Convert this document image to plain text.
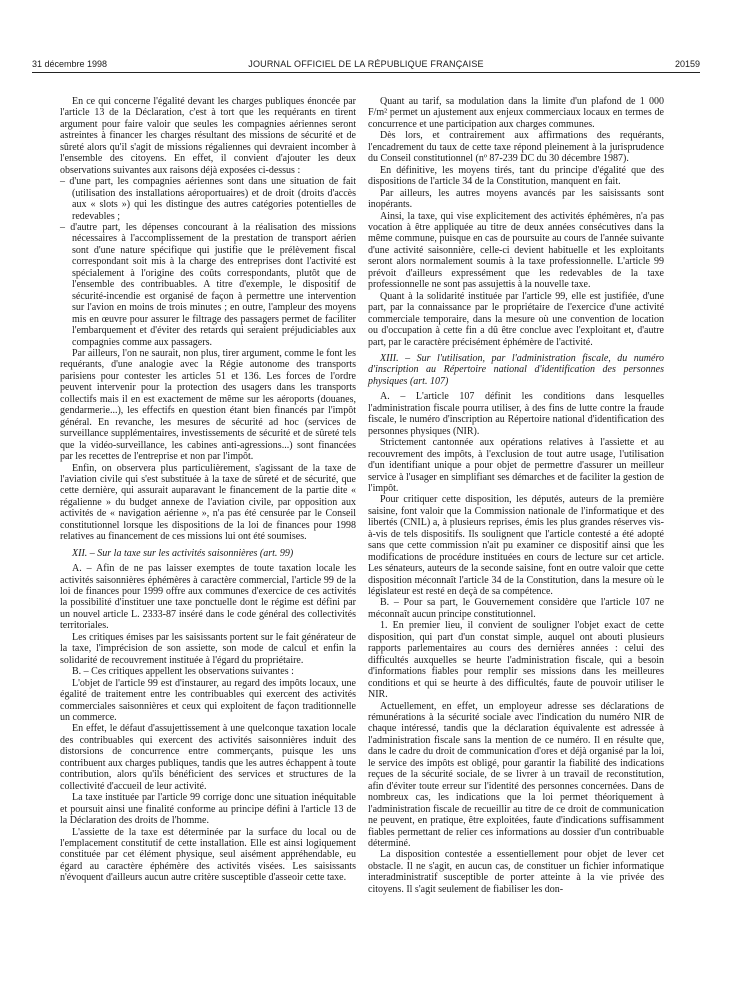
31 décembre 1998	JOURNAL OFFICIEL DE LA RÉPUBLIQUE FRANÇAISE	20159

En ce qui concerne l'égalité devant les charges publiques énoncée par l'article 13 de la Déclaration, c'est à tort que les requérants en tirent argument pour faire valoir que seules les compagnies aériennes seront astreintes à financer les charges résultant des missions de sécurité et de sûreté alors qu'il s'agit de missions régaliennes qui devraient incomber à l'ensemble des citoyens. En effet, il convient d'ajouter les deux observations suivantes aux raisons déjà exposées ci-dessus :

– d'une part, les compagnies aériennes sont dans une situation de fait (utilisation des installations aéroportuaires) et de droit (droits d'accès aux « slots ») qui les distingue des autres catégories potentielles de redevables ;

– d'autre part, les dépenses concourant à la réalisation des missions nécessaires à l'accomplissement de la prestation de transport aérien sont d'une nature spécifique qui justifie que le prélèvement fiscal correspondant soit mis à la charge des entreprises dont l'activité est spécialement à l'origine des coûts correspondants, plutôt que de l'ensemble des contribuables. A titre d'exemple, le dispositif de sécurité-incendie est organisé de façon à permettre une intervention sur l'avion en moins de trois minutes ; en outre, l'ampleur des moyens mis en œuvre pour assurer le filtrage des passagers permet de faciliter l'embarquement et d'éviter des retards qui seraient préjudiciables aux compagnies comme aux passagers.

Par ailleurs, l'on ne saurait, non plus, tirer argument, comme le font les requérants, d'une analogie avec la Régie autonome des transports parisiens pour contester les articles 51 et 136. Les forces de l'ordre peuvent intervenir pour la protection des usagers dans les transports collectifs mais il en est exactement de même sur les aéroports (douanes, gendarmerie...), les effectifs en question étant bien financés par l'impôt général. En revanche, les mesures de sécurité ad hoc (services de surveillance supplémentaires, investissements de sécurité et de sûreté tels que la vidéo-surveillance, les cabines anti-agressions...) sont financées par les recettes de l'entreprise et non par l'impôt.

Enfin, on observera plus particulièrement, s'agissant de la taxe de l'aviation civile qui s'est substituée à la taxe de sûreté et de sécurité, que cette dernière, qui assurait auparavant le financement de la partie dite « régalienne » du budget annexe de l'aviation civile, par opposition aux activités de « navigation aérienne », n'a pas été censurée par le Conseil constitutionnel lorsque les dispositions de la loi de finances pour 1998 relatives au financement de ces missions lui ont été soumises.

XII. – Sur la taxe sur les activités saisonnières (art. 99)

A. – Afin de ne pas laisser exemptes de toute taxation locale les activités saisonnières éphémères à caractère commercial, l'article 99 de la loi de finances pour 1999 offre aux communes d'exercice de ces activités la possibilité d'instituer une taxe ponctuelle dont le régime est défini par un nouvel article L. 2333-87 inséré dans le code général des collectivités territoriales.

Les critiques émises par les saisissants portent sur le fait générateur de la taxe, l'imprécision de son assiette, son mode de calcul et enfin la solidarité de recouvrement instituée à l'égard du propriétaire.

B. – Ces critiques appellent les observations suivantes :

L'objet de l'article 99 est d'instaurer, au regard des impôts locaux, une égalité de traitement entre les contribuables qui exercent des activités commerciales saisonnières et ceux qui exploitent de façon traditionnelle un commerce.

En effet, le défaut d'assujettissement à une quelconque taxation locale des contribuables qui exercent des activités saisonnières induit des distorsions de concurrence entre commerçants, puisque les uns contribuent aux charges publiques, tandis que les autres échappent à toute contribution, alors qu'ils bénéficient des services et structures de la collectivité d'accueil de leur activité.

La taxe instituée par l'article 99 corrige donc une situation inéquitable et poursuit ainsi une finalité conforme au principe défini à l'article 13 de la Déclaration des droits de l'homme.

L'assiette de la taxe est déterminée par la surface du local ou de l'emplacement constitutif de cette installation. Elle est ainsi logiquement constituée par cet élément physique, seul aisément appréhendable, eu égard au caractère éphémère des activités visées. Les saisissants n'évoquent d'ailleurs aucun autre critère susceptible d'asseoir cette taxe.

Quant au tarif, sa modulation dans la limite d'un plafond de 1 000 F/m² permet un ajustement aux enjeux commerciaux locaux en termes de concurrence et une participation aux charges communes.

Dès lors, et contrairement aux affirmations des requérants, l'encadrement du taux de cette taxe répond pleinement à la jurisprudence du Conseil constitutionnel (nº 87-239 DC du 30 décembre 1987).

En définitive, les moyens tirés, tant du principe d'égalité que des dispositions de l'article 34 de la Constitution, manquent en fait.

Par ailleurs, les autres moyens avancés par les saisissants sont inopérants.

Ainsi, la taxe, qui vise explicitement des activités éphémères, n'a pas vocation à être appliquée au titre de deux années consécutives dans la même commune, puisque en cas de poursuite au cours de l'année suivante d'une activité saisonnière, celle-ci devient habituelle et les exploitants seront alors normalement soumis à la taxe professionnelle. L'article 99 prévoit d'ailleurs expressément que les redevables de la taxe professionnelle ne sont pas assujettis à la nouvelle taxe.

Quant à la solidarité instituée par l'article 99, elle est justifiée, d'une part, par la connaissance par le propriétaire de l'exercice d'une activité commerciale temporaire, dans la mesure où une convention de location ou d'occupation à cette fin a dû être conclue avec l'exploitant et, d'autre part, par le caractère précisément éphémère de l'activité.

XIII. – Sur l'utilisation, par l'administration fiscale, du numéro d'inscription au Répertoire national d'identification des personnes physiques (art. 107)

A. – L'article 107 définit les conditions dans lesquelles l'administration fiscale pourra utiliser, à des fins de lutte contre la fraude fiscale, le numéro d'inscription au Répertoire national d'identification des personnes physiques (NIR).

Strictement cantonnée aux opérations relatives à l'assiette et au recouvrement des impôts, à l'exclusion de tout autre usage, l'utilisation d'un identifiant unique a pour objet de permettre d'assurer un meilleur service à l'usager en simplifiant ses démarches et de faciliter la gestion de l'impôt.

Pour critiquer cette disposition, les députés, auteurs de la première saisine, font valoir que la Commission nationale de l'informatique et des libertés (CNIL) a, à plusieurs reprises, émis les plus grandes réserves vis-à-vis de tels dispositifs. Ils soulignent que l'article contesté a été adopté sans que cette commission n'ait pu examiner ce dispositif ainsi que les modifications de procédure instituées en cours de lecture sur cet article. Les sénateurs, auteurs de la seconde saisine, font en outre valoir que cette disposition méconnaît l'article 34 de la Constitution, dans la mesure où le législateur est resté en deçà de sa compétence.

B. – Pour sa part, le Gouvernement considère que l'article 107 ne méconnaît aucun principe constitutionnel.

1. En premier lieu, il convient de souligner l'objet exact de cette disposition, qui part d'un constat simple, auquel ont abouti plusieurs rapports parlementaires au cours des dernières années : celui des difficultés auxquelles se heurte l'administration fiscale, qui a besoin d'informations fiables pour remplir ses missions dans les meilleures conditions et qui se heurte à des difficultés, faute de pouvoir utiliser le NIR.

Actuellement, en effet, un employeur adresse ses déclarations de rémunérations à la sécurité sociale avec l'indication du numéro NIR de chaque intéressé, tandis que la déclaration équivalente est adressée à l'administration fiscale sans la mention de ce numéro. Il en résulte que, dans le cadre du droit de communication d'ores et déjà organisé par la loi, le service des impôts est obligé, pour garantir la fiabilité des indications reçues de la sécurité sociale, de se livrer à un travail de reconstitution, afin d'éviter toute erreur sur l'identité des personnes concernées. Dans de nombreux cas, les indications que la loi permet théoriquement à l'administration fiscale de recueillir au titre de ce droit de communication ne peuvent, en pratique, être exploitées, faute d'indications suffisamment fiables permettant de relier ces informations au dossier d'un contribuable déterminé.

La disposition contestée a essentiellement pour objet de lever cet obstacle. Il ne s'agit, en aucun cas, de constituer un fichier informatique interadministratif susceptible de porter atteinte à la vie privée des citoyens. Il s'agit seulement de fiabiliser les don-
